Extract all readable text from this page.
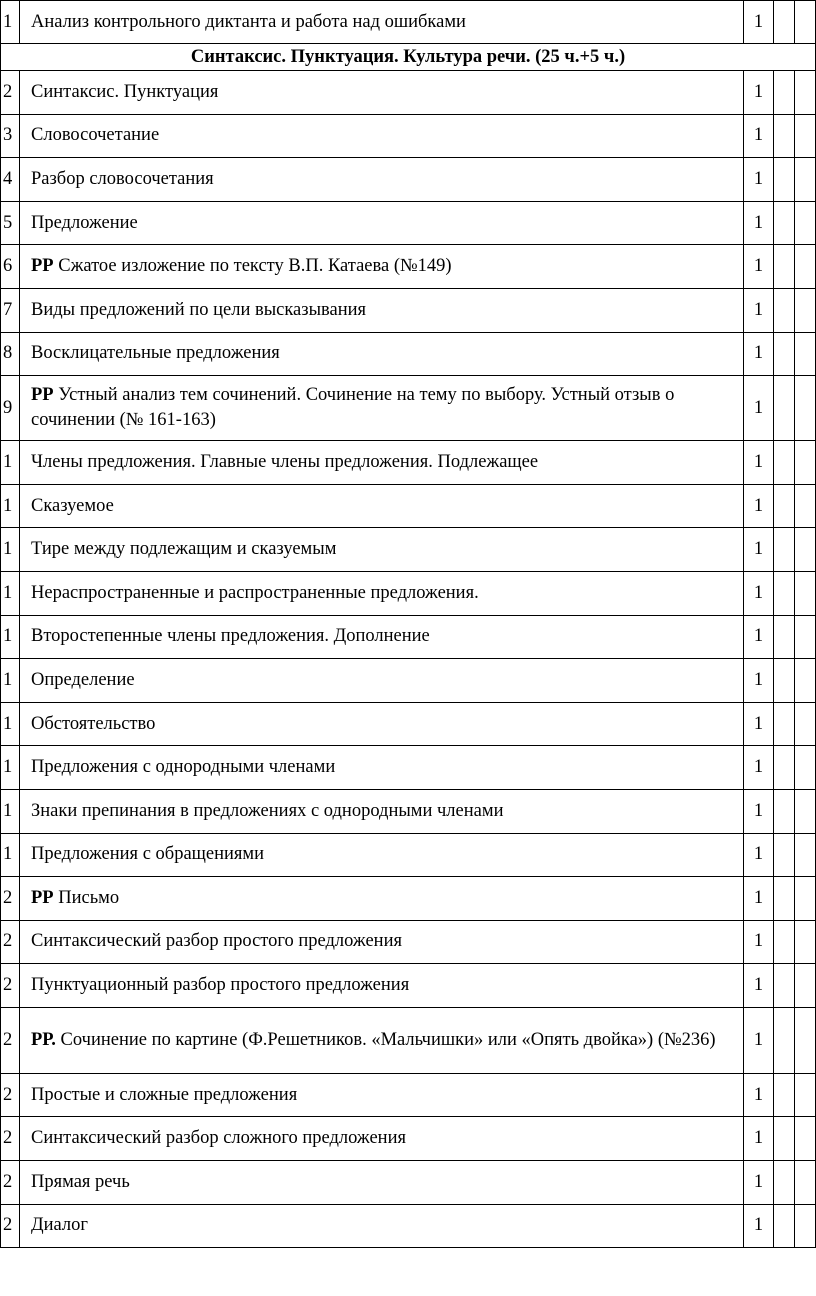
1	Анализ контрольного диктанта и работа над ошибками	1		
Синтаксис. Пунктуация. Культура речи. (25 ч.+5 ч.)				
2	Синтаксис. Пунктуация	1		
3	Словосочетание	1		
4	Разбор словосочетания	1		
5	Предложение	1		
6	РР Сжатое изложение по тексту В.П. Катаева (№149)	1		
7	Виды предложений по цели высказывания	1		
8	Восклицательные предложения	1		
9	РР Устный анализ тем сочинений. Сочинение на тему по выбору. Устный отзыв о сочинении (№ 161-163)	1		
1	Члены предложения. Главные члены предложения. Подлежащее	1		
1	Сказуемое	1		
1	Тире между подлежащим и сказуемым	1		
1	Нераспространенные и распространенные предложения.	1		
1	Второстепенные члены предложения. Дополнение	1		
1	Определение	1		
1	Обстоятельство	1		
1	Предложения с однородными членами	1		
1	Знаки препинания в предложениях с однородными членами	1		
1	Предложения с обращениями	1		
2	РР Письмо	1		
2	Синтаксический разбор простого предложения	1		
2	Пунктуационный разбор простого предложения	1		
2	РР. Сочинение по картине (Ф.Решетников. «Мальчишки» или «Опять двойка») (№236)	1		
2	Простые и сложные предложения	1		
2	Синтаксический разбор сложного предложения	1		
2	Прямая речь	1		
2	Диалог	1		
